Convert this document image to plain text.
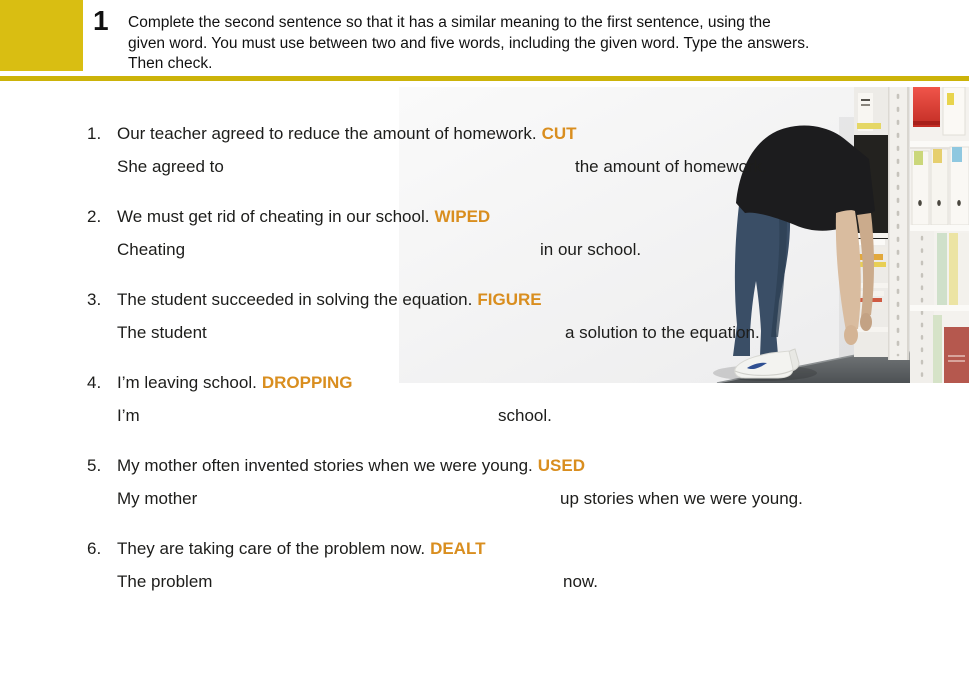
1 Complete the second sentence so that it has a similar meaning to the first sentence, using the
given word. You must use between two and five words, including the given word. Type the answers.
Then check.
1. Our teacher agreed to reduce the amount of homework. CUT
She agreed to	the amount of homework.
2. We must get rid of cheating in our school. WIPED
Cheating	in our school.
3. The student succeeded in solving the equation. FIGURE
The student	a solution to the equation.
4. I’m leaving school. DROPPING
I’m	school.
5. My mother often invented stories when we were young. USED
My mother	up stories when we were young.
6. They are taking care of the problem now. DEALT
The problem	now.
